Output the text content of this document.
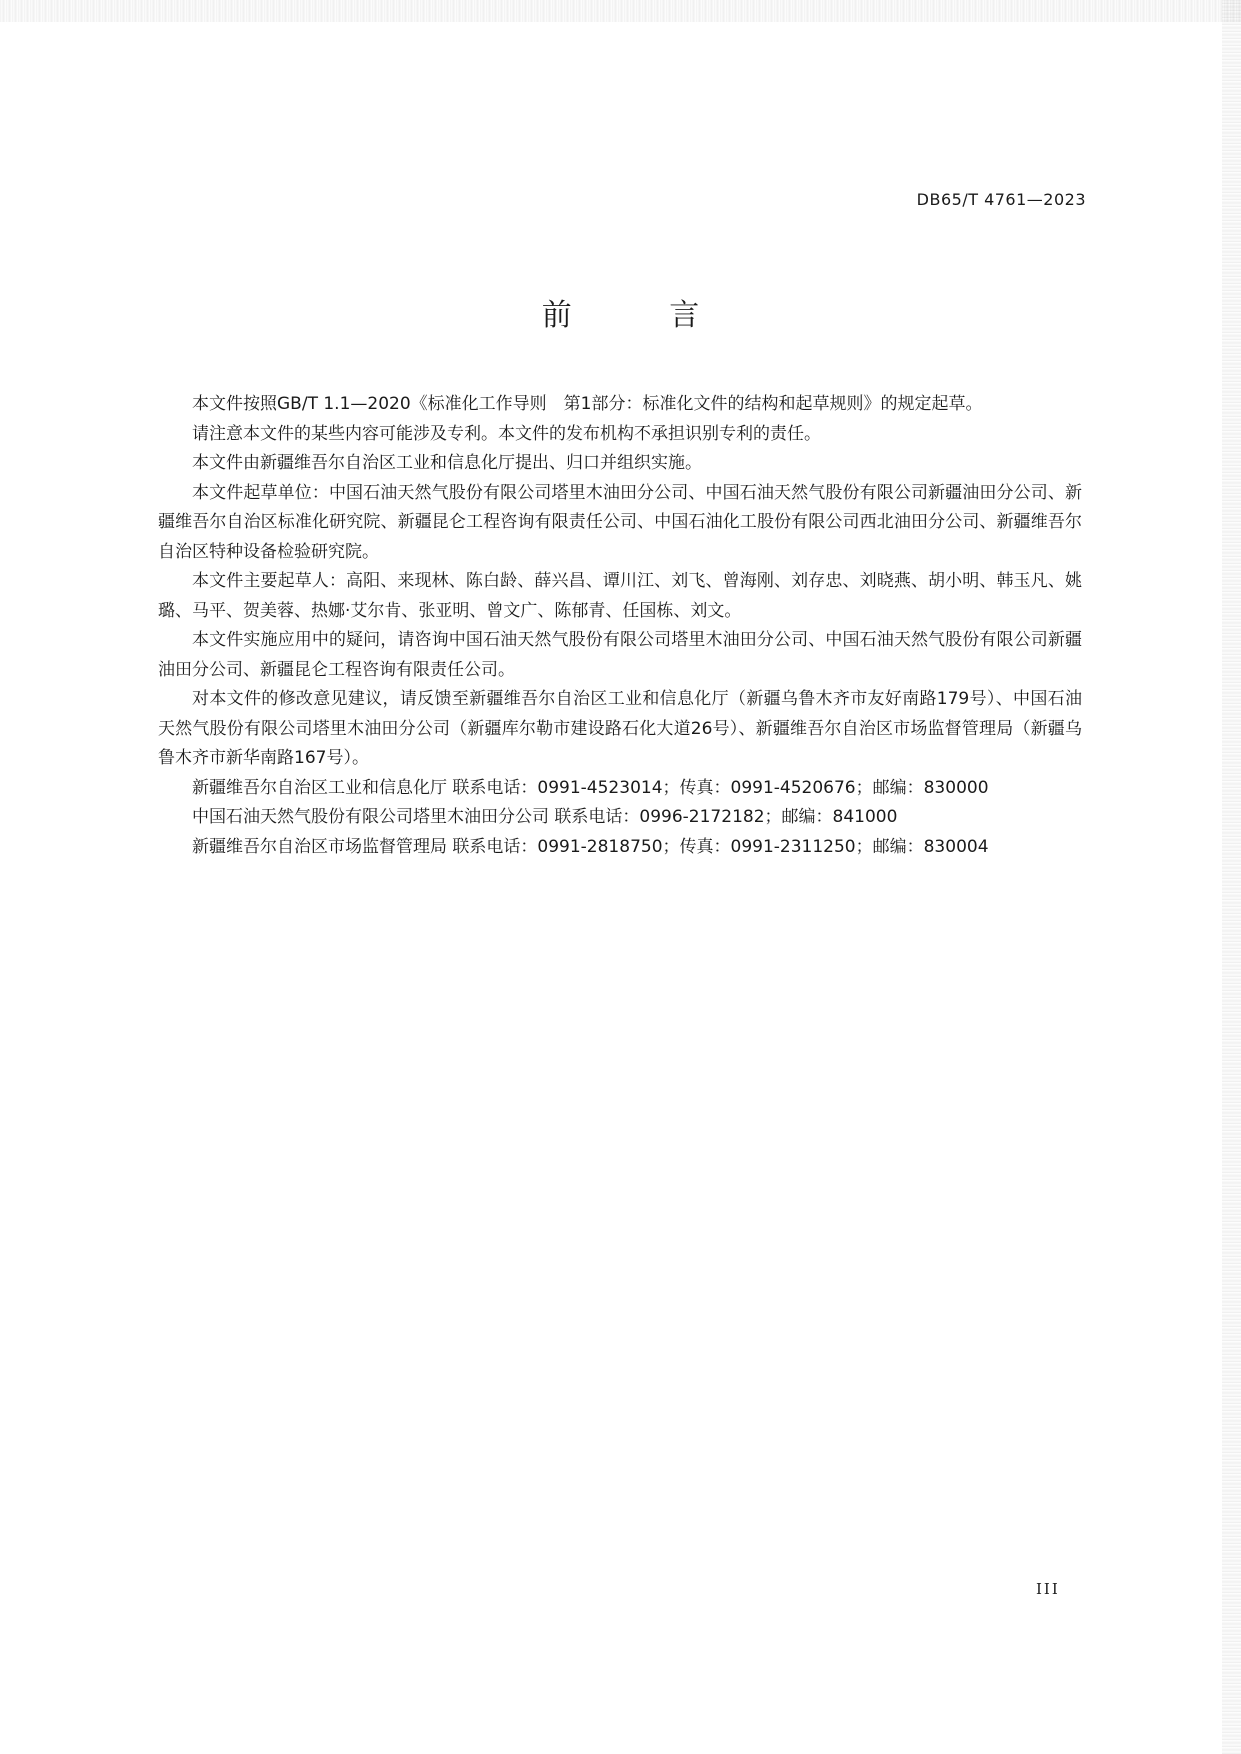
DB65/T 4761—2023
前 言

本文件按照GB/T 1.1—2020《标准化工作导则　第1部分：标准化文件的结构和起草规则》的规定起草。

请注意本文件的某些内容可能涉及专利。本文件的发布机构不承担识别专利的责任。

本文件由新疆维吾尔自治区工业和信息化厅提出、归口并组织实施。

本文件起草单位：中国石油天然气股份有限公司塔里木油田分公司、中国石油天然气股份有限公司新疆油田分公司、新疆维吾尔自治区标准化研究院、新疆昆仑工程咨询有限责任公司、中国石油化工股份有限公司西北油田分公司、新疆维吾尔自治区特种设备检验研究院。

本文件主要起草人：高阳、来现林、陈白龄、薛兴昌、谭川江、刘飞、曾海刚、刘存忠、刘晓燕、胡小明、韩玉凡、姚璐、马平、贺美蓉、热娜·艾尔肯、张亚明、曾文广、陈郁青、任国栋、刘文。

本文件实施应用中的疑问，请咨询中国石油天然气股份有限公司塔里木油田分公司、中国石油天然气股份有限公司新疆油田分公司、新疆昆仑工程咨询有限责任公司。

对本文件的修改意见建议，请反馈至新疆维吾尔自治区工业和信息化厅（新疆乌鲁木齐市友好南路179号）、中国石油天然气股份有限公司塔里木油田分公司（新疆库尔勒市建设路石化大道26号）、新疆维吾尔自治区市场监督管理局（新疆乌鲁木齐市新华南路167号）。

新疆维吾尔自治区工业和信息化厅 联系电话：0991-4523014；传真：0991-4520676；邮编：830000

中国石油天然气股份有限公司塔里木油田分公司 联系电话：0996-2172182；邮编：841000

新疆维吾尔自治区市场监督管理局 联系电话：0991-2818750；传真：0991-2311250；邮编：830004

III
